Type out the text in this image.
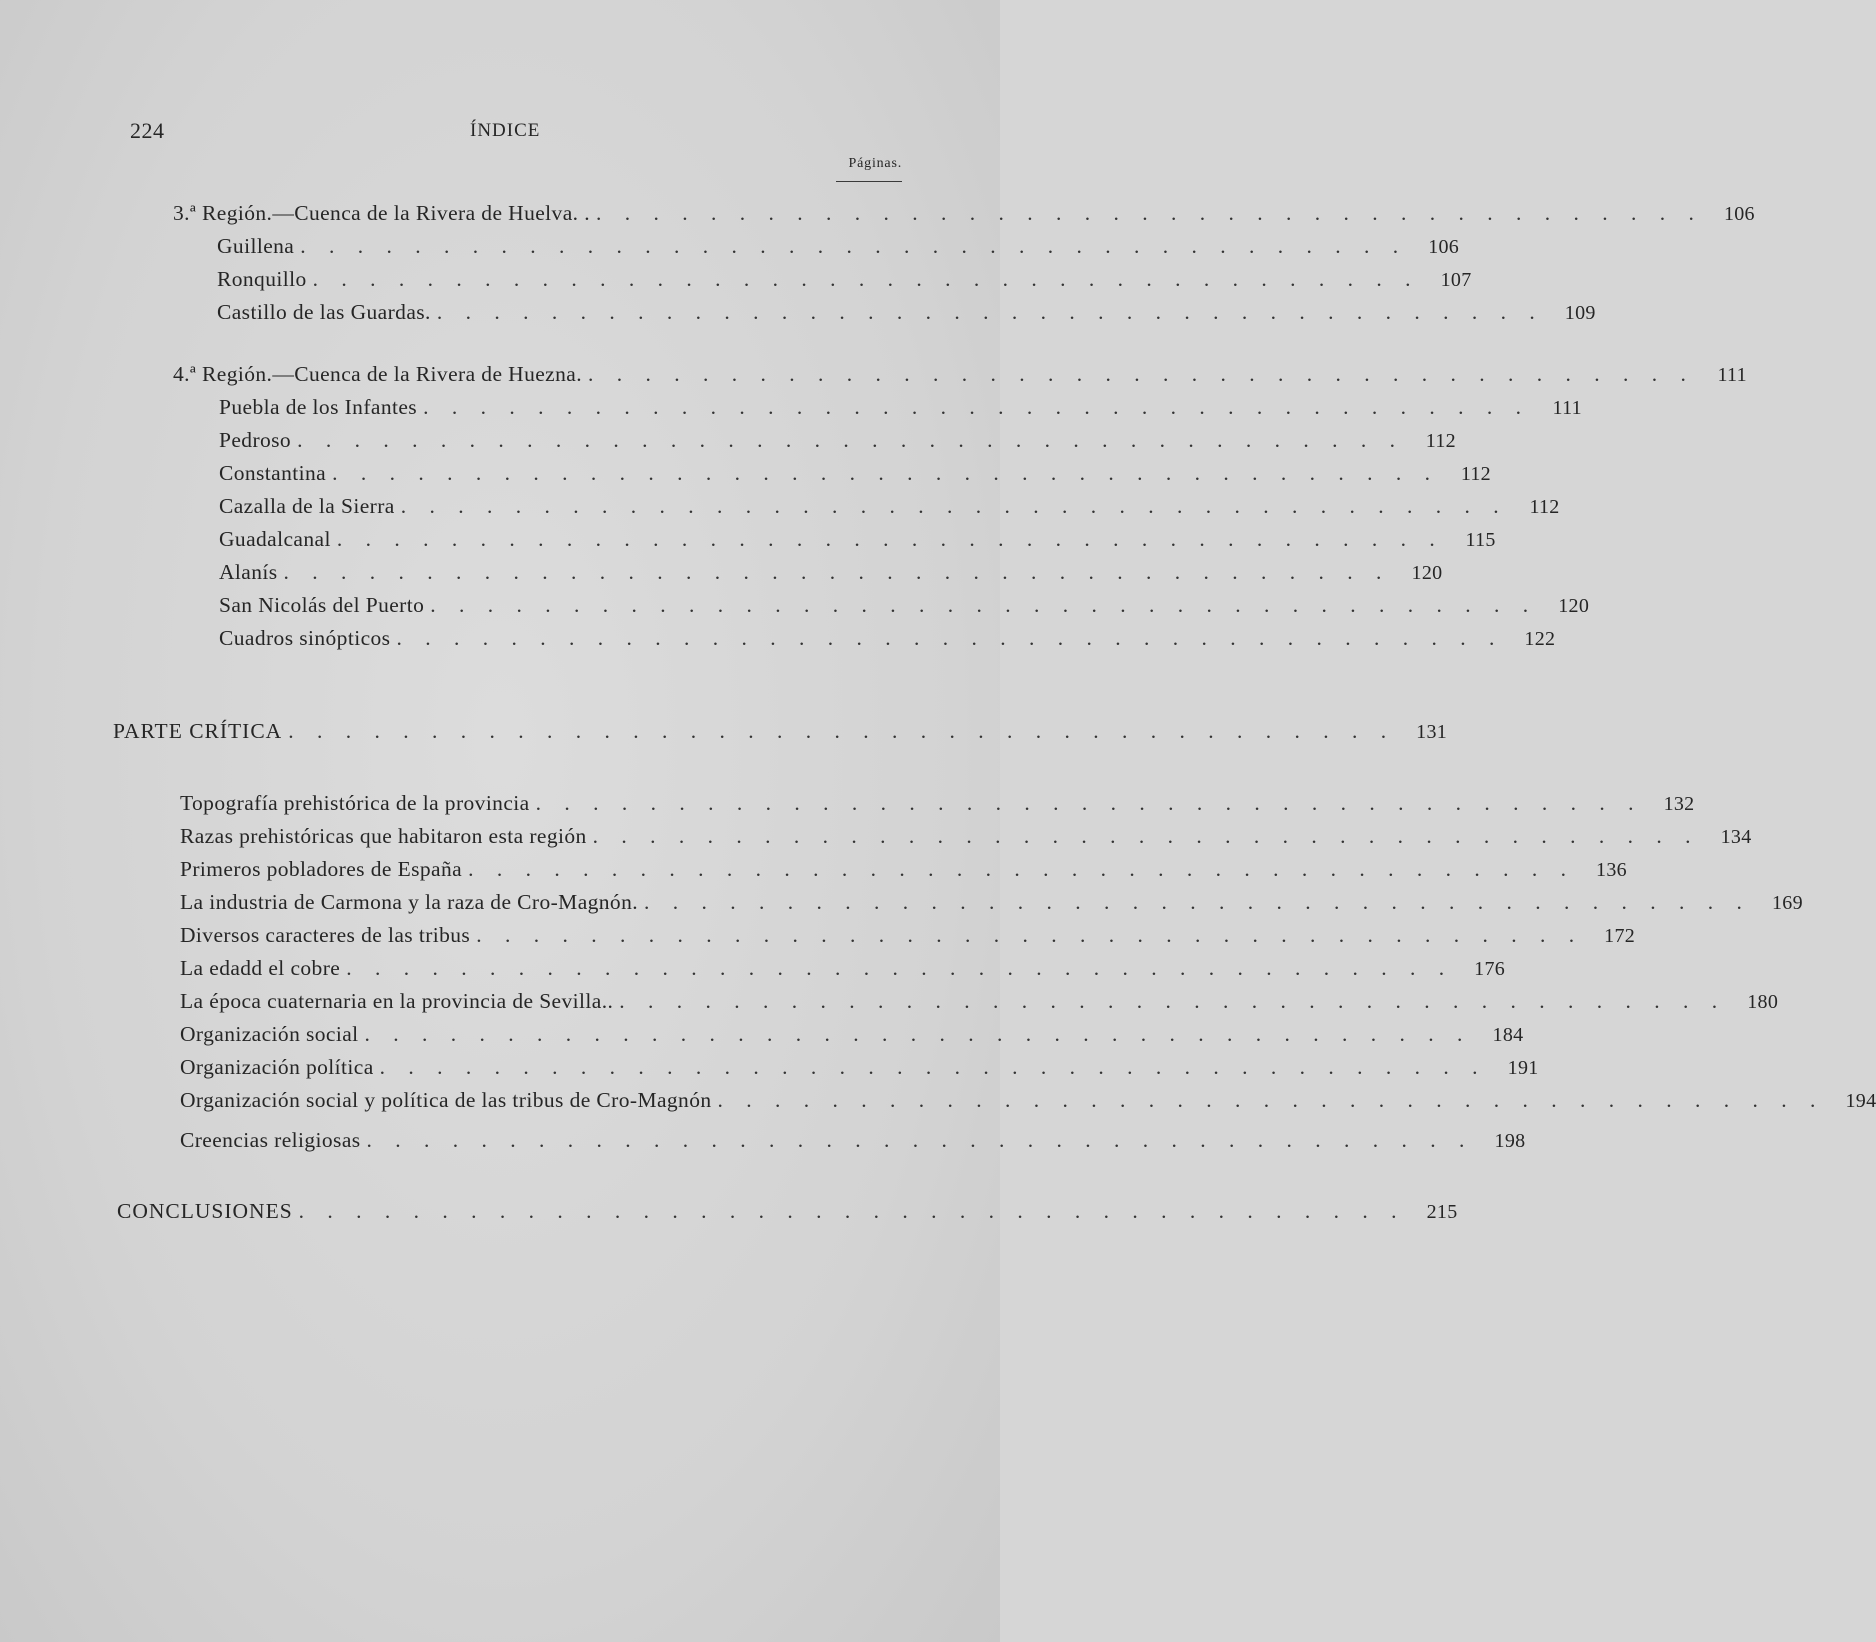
224	ÍNDICE
Páginas.
3.ª Región.—Cuenca de la Rivera de Huelva. . . . . . . . . . . . . . . . . . . . . . . . . . . . . . . . . . . . . . . . .	106
Guillena . . . . . . . . . . . . . . . . . . . . . . . . . . . . . . . . . . . . . . .	106
Ronquillo . . . . . . . . . . . . . . . . . . . . . . . . . . . . . . . . . . . . . . .	107
Castillo de las Guardas. . . . . . . . . . . . . . . . . . . . . . . . . . . . . . . . . . . . . . . .	109
4.ª Región.—Cuenca de la Rivera de Huezna. . . . . . . . . . . . . . . . . . . . . . . . . . . . . . . . . . . . . . . .	111
Puebla de los Infantes . . . . . . . . . . . . . . . . . . . . . . . . . . . . . . . . . . . . . . .	111
Pedroso . . . . . . . . . . . . . . . . . . . . . . . . . . . . . . . . . . . . . . .	112
Constantina . . . . . . . . . . . . . . . . . . . . . . . . . . . . . . . . . . . . . . .	112
Cazalla de la Sierra . . . . . . . . . . . . . . . . . . . . . . . . . . . . . . . . . . . . . . .	112
Guadalcanal . . . . . . . . . . . . . . . . . . . . . . . . . . . . . . . . . . . . . . .	115
Alanís . . . . . . . . . . . . . . . . . . . . . . . . . . . . . . . . . . . . . . .	120
San Nicolás del Puerto . . . . . . . . . . . . . . . . . . . . . . . . . . . . . . . . . . . . . . .	120
Cuadros sinópticos . . . . . . . . . . . . . . . . . . . . . . . . . . . . . . . . . . . . . . .	122
PARTE CRÍTICA . . . . . . . . . . . . . . . . . . . . . . . . . . . . . . . . . . . . . . .	131
Topografía prehistórica de la provincia . . . . . . . . . . . . . . . . . . . . . . . . . . . . . . . . . . . . . . .	132
Razas prehistóricas que habitaron esta región . . . . . . . . . . . . . . . . . . . . . . . . . . . . . . . . . . . . . . .	134
Primeros pobladores de España . . . . . . . . . . . . . . . . . . . . . . . . . . . . . . . . . . . . . . .	136
La industria de Carmona y la raza de Cro-Magnón. . . . . . . . . . . . . . . . . . . . . . . . . . . . . . . . . . . . . . . .	169
Diversos caracteres de las tribus . . . . . . . . . . . . . . . . . . . . . . . . . . . . . . . . . . . . . . .	172
La edadd el cobre . . . . . . . . . . . . . . . . . . . . . . . . . . . . . . . . . . . . . . .	176
La época cuaternaria en la provincia de Sevilla.. . . . . . . . . . . . . . . . . . . . . . . . . . . . . . . . . . . . . . . .	180
Organización social . . . . . . . . . . . . . . . . . . . . . . . . . . . . . . . . . . . . . . .	184
Organización política . . . . . . . . . . . . . . . . . . . . . . . . . . . . . . . . . . . . . . .	191
Organización social y política de las tribus de Cro-Magnón . . . . . . . . . . . . . . . . . . . . . . . . . . . . . . . . . . . . . . .	194
Creencias religiosas . . . . . . . . . . . . . . . . . . . . . . . . . . . . . . . . . . . . . . .	198
CONCLUSIONES . . . . . . . . . . . . . . . . . . . . . . . . . . . . . . . . . . . . . . .	215
